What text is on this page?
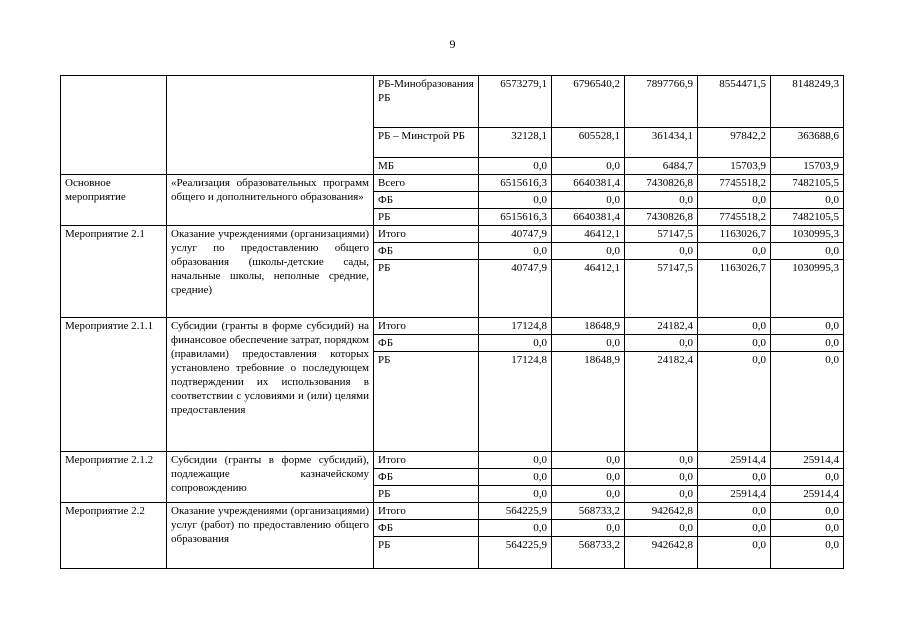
9
		РБ-Минобразования РБ	6573279,1	6796540,2	7897766,9	8554471,5	8148249,3
		РБ – Минстрой РБ	32128,1	605528,1	361434,1	97842,2	363688,6
		МБ	0,0	0,0	6484,7	15703,9	15703,9
Основное мероприятие	«Реализация образовательных программ общего и дополнительного образования»	Всего	6515616,3	6640381,4	7430826,8	7745518,2	7482105,5
		ФБ	0,0	0,0	0,0	0,0	0,0
		РБ	6515616,3	6640381,4	7430826,8	7745518,2	7482105,5
Мероприятие 2.1	Оказание учреждениями (организациями) услуг по предоставлению общего образования (школы-детские сады, начальные школы, неполные средние, средние)	Итого	40747,9	46412,1	57147,5	1163026,7	1030995,3
		ФБ	0,0	0,0	0,0	0,0	0,0
		РБ	40747,9	46412,1	57147,5	1163026,7	1030995,3
Мероприятие 2.1.1	Субсидии (гранты в форме субсидий) на финансовое обеспечение затрат, порядком (правилами) предоставления которых установлено требовние о последующем подтверждении их использования в соответствии с условиями и (или) целями предоставления	Итого	17124,8	18648,9	24182,4	0,0	0,0
		ФБ	0,0	0,0	0,0	0,0	0,0
		РБ	17124,8	18648,9	24182,4	0,0	0,0
Мероприятие 2.1.2	Субсидии (гранты в форме субсидий), подлежащие казначейскому сопровождению	Итого	0,0	0,0	0,0	25914,4	25914,4
		ФБ	0,0	0,0	0,0	0,0	0,0
		РБ	0,0	0,0	0,0	25914,4	25914,4
Мероприятие 2.2	Оказание учреждениями (организациями) услуг (работ) по предоставлению общего образования	Итого	564225,9	568733,2	942642,8	0,0	0,0
		ФБ	0,0	0,0	0,0	0,0	0,0
		РБ	564225,9	568733,2	942642,8	0,0	0,0
